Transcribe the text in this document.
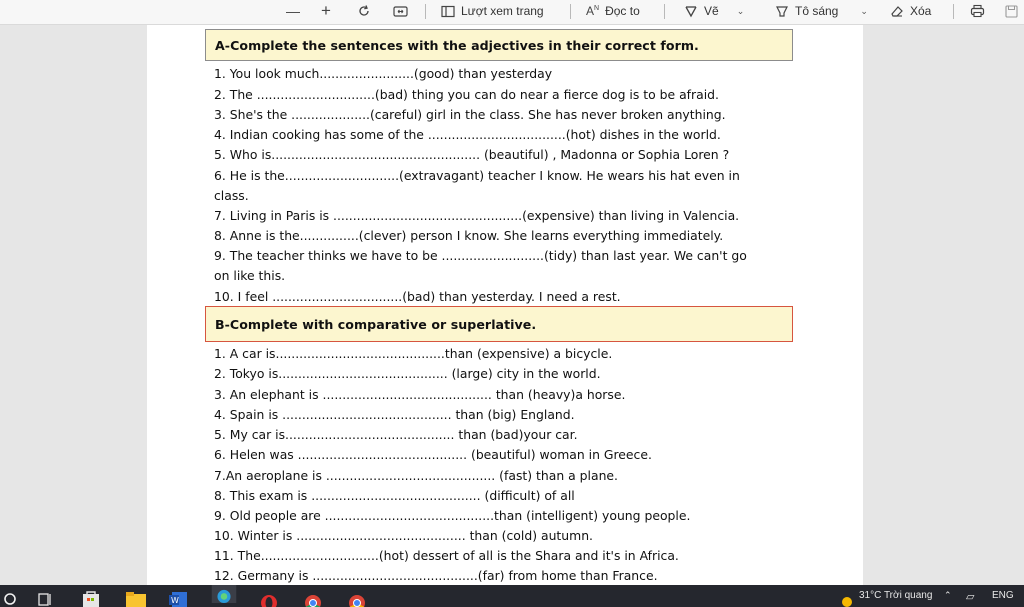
— +	Lượt xem trang	$A^N$ Đọc to	Vẽ ⌄	Tô sáng ⌄	Xóa
A-Complete the sentences with the adjectives in their correct form.
1. You look much........................(good) than yesterday
2. The ..............................(bad) thing you can do near a fierce dog is to be afraid.
3. She's the ....................(careful) girl in the class. She has never broken anything.
4. Indian cooking has some of the ...................................(hot) dishes in the world.
5. Who is..................................................... (beautiful) , Madonna or Sophia Loren ?
6. He is the.............................(extravagant) teacher I know. He wears his hat even in
class.
7. Living in Paris is ................................................(expensive) than living in Valencia.
8. Anne is the...............(clever) person I know. She learns everything immediately.
9. The teacher thinks we have to be ..........................(tidy) than last year. We can't go
on like this.
10. I feel .................................(bad) than yesterday. I need a rest.
B-Complete with comparative or superlative.
1. A car is...........................................than (expensive) a bicycle.
2. Tokyo is........................................... (large) city in the world.
3. An elephant is ........................................... than (heavy)a horse.
4. Spain is ........................................... than (big) England.
5. My car is........................................... than (bad)your car.
6. Helen was ........................................... (beautiful) woman in Greece.
7.An aeroplane is ........................................... (fast) than a plane.
8. This exam is ........................................... (difficult) of all
9. Old people are ...........................................than (intelligent) young people.
10. Winter is ........................................... than (cold) autumn.
11. The..............................(hot) dessert of all is the Shara and it's in Africa.
12. Germany is ..........................................(far) from home than France.
W	31°C Trời quang ⌃ ▱ ENG
